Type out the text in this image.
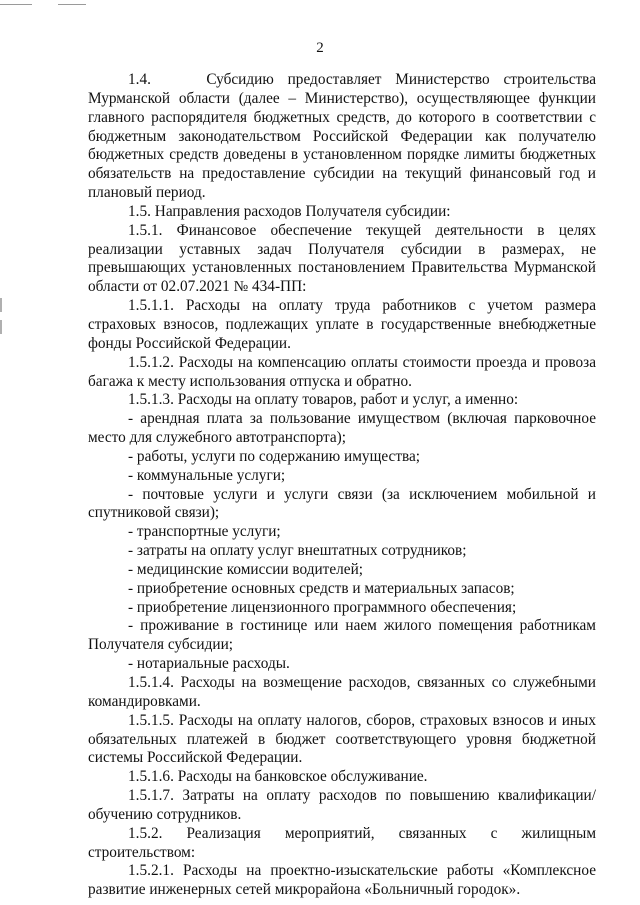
2

1.4.    Субсидию предоставляет Министерство строительства Мурманской области (далее – Министерство), осуществляющее функции главного распорядителя бюджетных средств, до которого в соответствии с бюджетным законодательством Российской Федерации как получателю бюджетных средств доведены в установленном порядке лимиты бюджетных обязательств на предоставление субсидии на текущий финансовый год и плановый период.

1.5. Направления расходов Получателя субсидии:

1.5.1. Финансовое обеспечение текущей деятельности в целях реализации уставных задач Получателя субсидии в размерах, не превышающих установленных постановлением Правительства Мурманской области от 02.07.2021 № 434-ПП:

1.5.1.1. Расходы на оплату труда работников с учетом размера страховых взносов, подлежащих уплате в государственные внебюджетные фонды Российской Федерации.

1.5.1.2. Расходы на компенсацию оплаты стоимости проезда и провоза багажа к месту использования отпуска и обратно.

1.5.1.3. Расходы на оплату товаров, работ и услуг, а именно:

- арендная плата за пользование имуществом (включая парковочное место для служебного автотранспорта);

- работы, услуги по содержанию имущества;

- коммунальные услуги;

- почтовые услуги и услуги связи (за исключением мобильной и спутниковой связи);

- транспортные услуги;

- затраты на оплату услуг внештатных сотрудников;

- медицинские комиссии водителей;

- приобретение основных средств и материальных запасов;

- приобретение лицензионного программного обеспечения;

- проживание в гостинице или наем жилого помещения работникам Получателя субсидии;

- нотариальные расходы.

1.5.1.4. Расходы на возмещение расходов, связанных со служебными командировками.

1.5.1.5. Расходы на оплату налогов, сборов, страховых взносов и иных обязательных платежей в бюджет соответствующего уровня бюджетной системы Российской Федерации.

1.5.1.6. Расходы на банковское обслуживание.

1.5.1.7. Затраты на оплату расходов по повышению квалификации/обучению сотрудников.

1.5.2. Реализация мероприятий, связанных с жилищным строительством:

1.5.2.1. Расходы на проектно-изыскательские работы «Комплексное развитие инженерных сетей микрорайона «Больничный городок».
